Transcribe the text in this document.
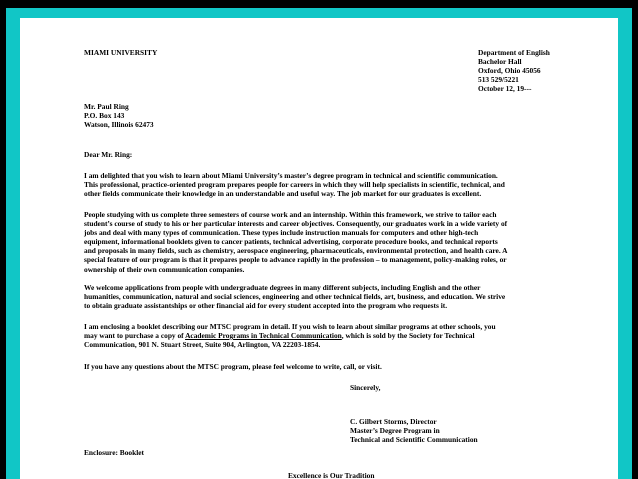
MIAMI UNIVERSITY	Department of English
Bachelor Hall
Oxford, Ohio 45056
513 529/5221
October 12, 19---
Mr. Paul Ring
P.O. Box 143
Watson, Illinois 62473
Dear Mr. Ring:
I am delighted that you wish to learn about Miami University’s master’s degree program in technical and scientific communication.
This professional, practice-oriented program prepares people for careers in which they will help specialists in scientific, technical, and
other fields communicate their knowledge in an understandable and useful way. The job market for our graduates is excellent.
People studying with us complete three semesters of course work and an internship. Within this framework, we strive to tailor each
student’s course of study to his or her particular interests and career objectives. Consequently, our graduates work in a wide variety of
jobs and deal with many types of communication. These types include instruction manuals for computers and other high-tech
equipment, informational booklets given to cancer patients, technical advertising, corporate procedure books, and technical reports
and proposals in many fields, such as chemistry, aerospace engineering, pharmaceuticals, environmental protection, and health care. A
special feature of our program is that it prepares people to advance rapidly in the profession – to management, policy-making roles, or
ownership of their own communication companies.
We welcome applications from people with undergraduate degrees in many different subjects, including English and the other
humanities, communication, natural and social sciences, engineering and other technical fields, art, business, and education. We strive
to obtain graduate assistantships or other financial aid for every student accepted into the program who requests it.
I am enclosing a booklet describing our MTSC program in detail. If you wish to learn about similar programs at other schools, you
may want to purchase a copy of Academic Programs in Technical Communication, which is sold by the Society for Technical
Communication, 901 N. Stuart Street, Suite 904, Arlington, VA 22203-1854.
If you have any questions about the MTSC program, please feel welcome to write, call, or visit.
Sincerely,
C. Gilbert Storms, Director
Master’s Degree Program in
Technical and Scientific Communication
Enclosure: Booklet
Excellence is Our Tradition
